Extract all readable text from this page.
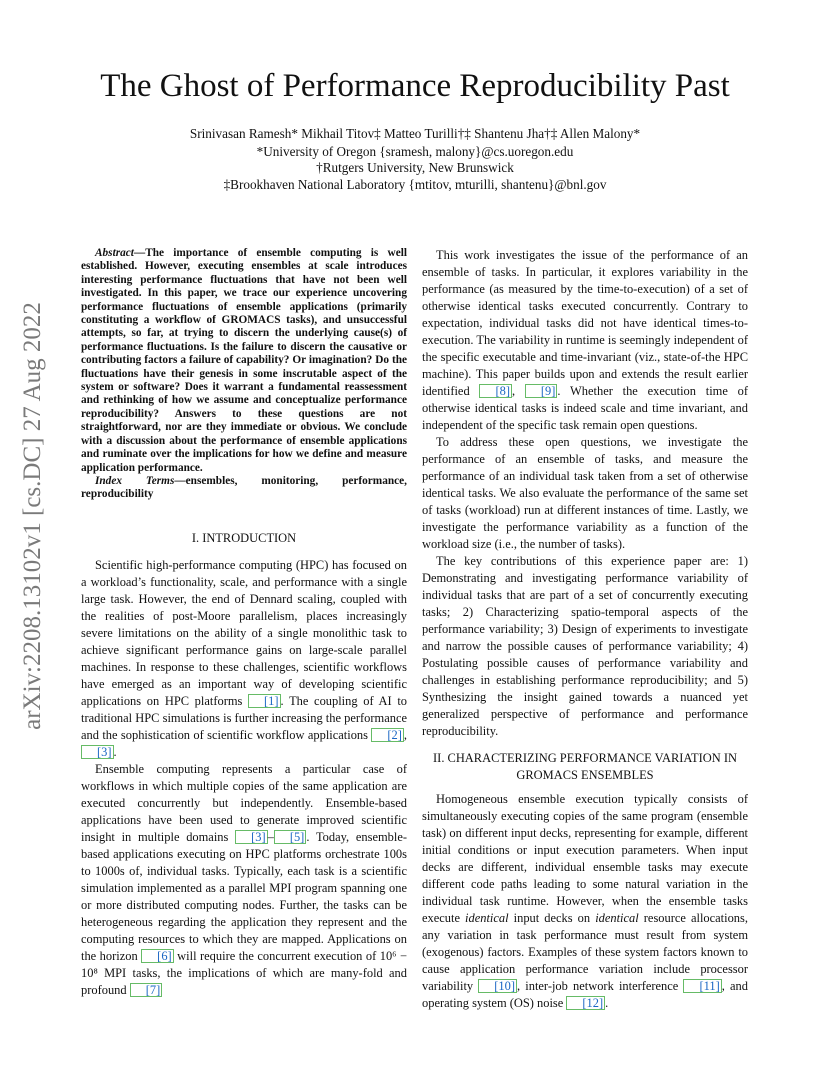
arXiv:2208.13102v1 [cs.DC] 27 Aug 2022
The Ghost of Performance Reproducibility Past
Srinivasan Ramesh* Mikhail Titov‡ Matteo Turilli†‡ Shantenu Jha†‡ Allen Malony*
*University of Oregon {sramesh, malony}@cs.uoregon.edu
†Rutgers University, New Brunswick
‡Brookhaven National Laboratory {mtitov, mturilli, shantenu}@bnl.gov

Abstract—The importance of ensemble computing is well established. However, executing ensembles at scale introduces interesting performance fluctuations that have not been well investigated. In this paper, we trace our experience uncovering performance fluctuations of ensemble applications (primarily constituting a workflow of GROMACS tasks), and unsuccessful attempts, so far, at trying to discern the underlying cause(s) of performance fluctuations. Is the failure to discern the causative or contributing factors a failure of capability? Or imagination? Do the fluctuations have their genesis in some inscrutable aspect of the system or software? Does it warrant a fundamental reassessment and rethinking of how we assume and conceptualize performance reproducibility? Answers to these questions are not straightforward, nor are they immediate or obvious. We conclude with a discussion about the performance of ensemble applications and ruminate over the implications for how we define and measure application performance.

Index Terms—ensembles, monitoring, performance, reproducibility

I. INTRODUCTION

Scientific high-performance computing (HPC) has focused on a workload’s functionality, scale, and performance with a single large task. However, the end of Dennard scaling, coupled with the realities of post-Moore parallelism, places increasingly severe limitations on the ability of a single monolithic task to achieve significant performance gains on large-scale parallel machines. In response to these challenges, scientific workflows have emerged as an important way of developing scientific applications on HPC platforms [1] . The coupling of AI to traditional HPC simulations is further increasing the performance and the sophistication of scientific workflow applications [2] , [3] .

Ensemble computing represents a particular case of workflows in which multiple copies of the same application are executed concurrently but independently. Ensemble-based applications have been used to generate improved scientific insight in multiple domains [3] – [5] . Today, ensemble-based applications executing on HPC platforms orchestrate 100s to 1000s of, individual tasks. Typically, each task is a scientific simulation implemented as a parallel MPI program spanning one or more distributed computing nodes. Further, the tasks can be heterogeneous regarding the application they represent and the computing resources to which they are mapped. Applications on the horizon [6] will require the concurrent execution of 10⁶ − 10⁸ MPI tasks, the implications of which are many-fold and profound [7]

This work investigates the issue of the performance of an ensemble of tasks. In particular, it explores variability in the performance (as measured by the time-to-execution) of a set of otherwise identical tasks executed concurrently. Contrary to expectation, individual tasks did not have identical times-to-execution. The variability in runtime is seemingly independent of the specific executable and time-invariant (viz., state-of-the HPC machine). This paper builds upon and extends the result earlier identified [8] , [9] . Whether the execution time of otherwise identical tasks is indeed scale and time invariant, and independent of the specific task remain open questions.

To address these open questions, we investigate the performance of an ensemble of tasks, and measure the performance of an individual task taken from a set of otherwise identical tasks. We also evaluate the performance of the same set of tasks (workload) run at different instances of time. Lastly, we investigate the performance variability as a function of the workload size (i.e., the number of tasks).

The key contributions of this experience paper are: 1) Demonstrating and investigating performance variability of individual tasks that are part of a set of concurrently executing tasks; 2) Characterizing spatio-temporal aspects of the performance variability; 3) Design of experiments to investigate and narrow the possible causes of performance variability; 4) Postulating possible causes of performance variability and challenges in establishing performance reproducibility; and 5) Synthesizing the insight gained towards a nuanced yet generalized perspective of performance and performance reproducibility.

II. CHARACTERIZING PERFORMANCE VARIATION IN
GROMACS ENSEMBLES

Homogeneous ensemble execution typically consists of simultaneously executing copies of the same program (ensemble task) on different input decks, representing for example, different initial conditions or input execution parameters. When input decks are different, individual ensemble tasks may execute different code paths leading to some natural variation in the individual task runtime. However, when the ensemble tasks execute identical input decks on identical resource allocations, any variation in task performance must result from system (exogenous) factors. Examples of these system factors known to cause application performance variation include processor variability [10] , inter-job network interference [11] , and operating system (OS) noise [12] .
